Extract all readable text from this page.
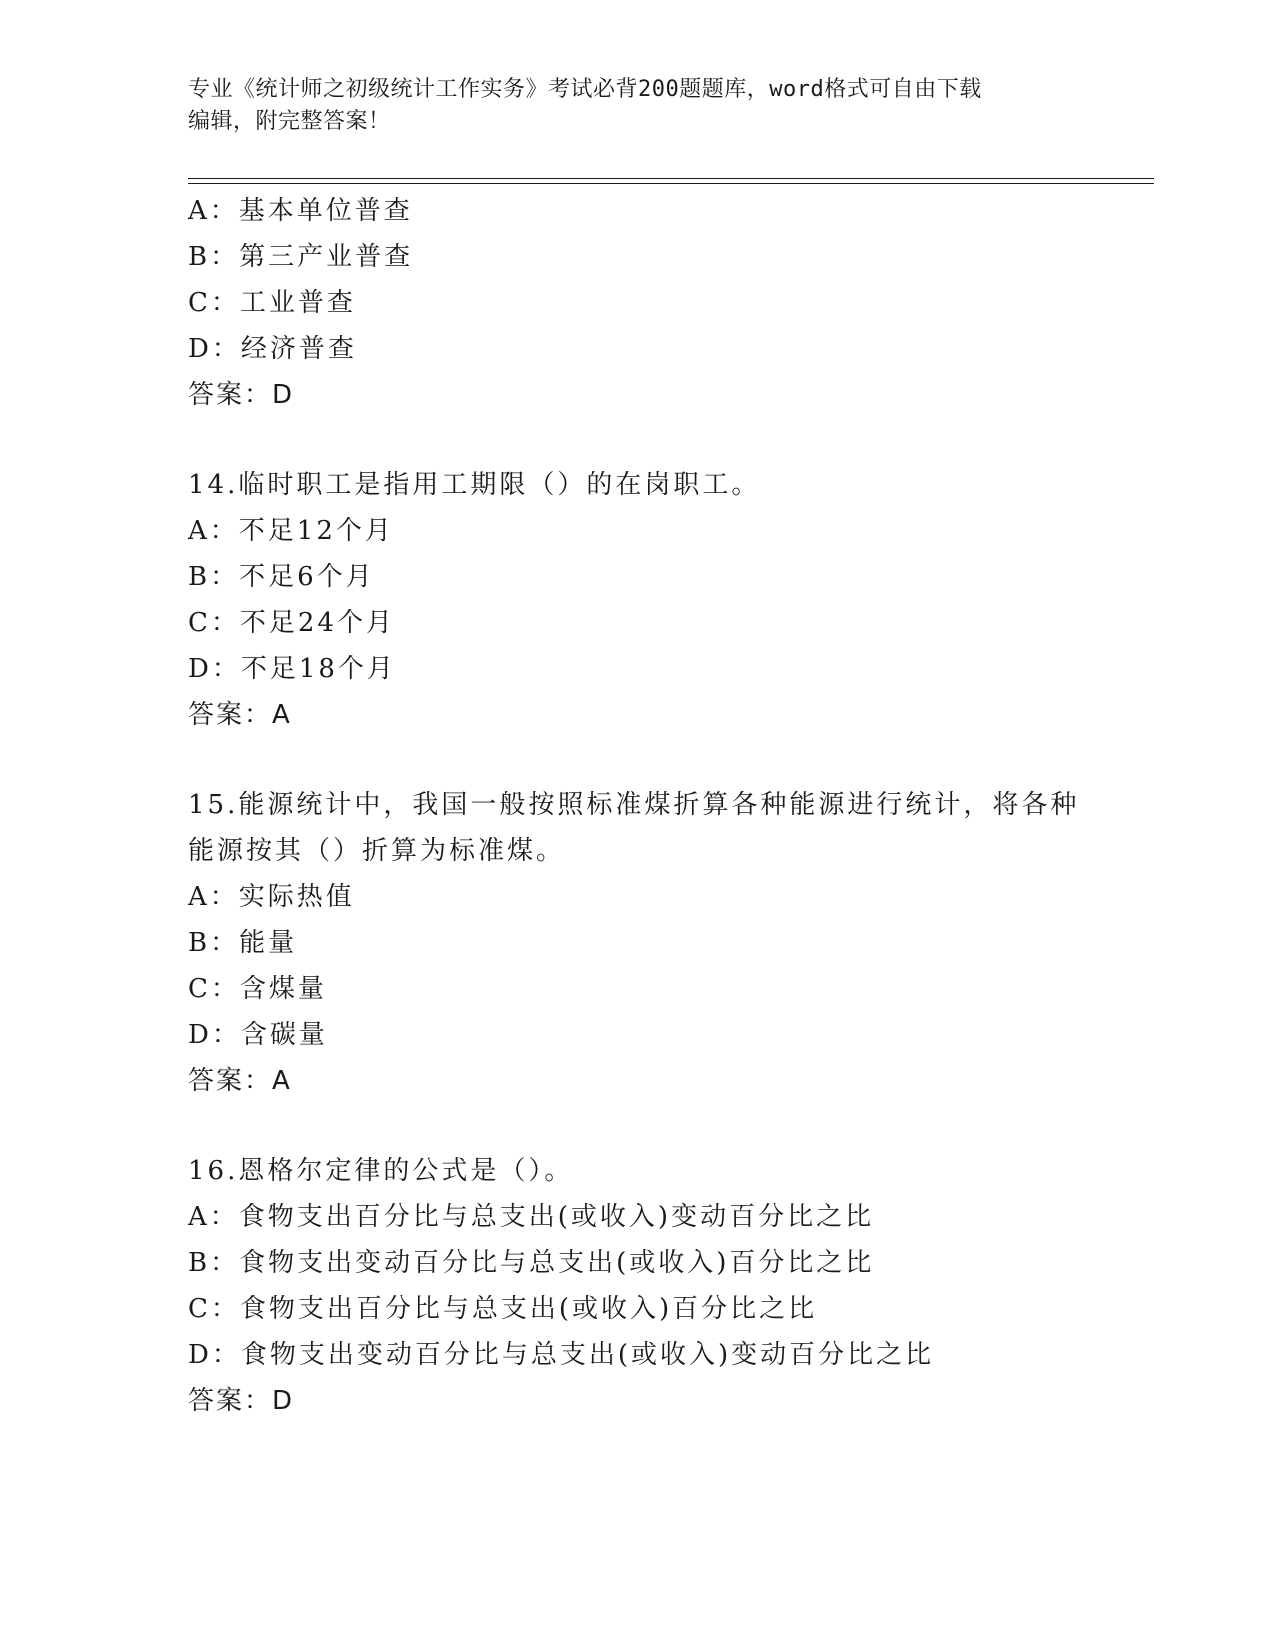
专业《统计师之初级统计工作实务》考试必背200题题库，word格式可自由下载
编辑，附完整答案！
A：基本单位普查
B：第三产业普查
C：工业普查
D：经济普查
答案：D
14.临时职工是指用工期限（）的在岗职工。
A：不足12个月
B：不足6个月
C：不足24个月
D：不足18个月
答案：A
15.能源统计中，我国一般按照标准煤折算各种能源进行统计，将各种
能源按其（）折算为标准煤。
A：实际热值
B：能量
C：含煤量
D：含碳量
答案：A
16.恩格尔定律的公式是（）。
A：食物支出百分比与总支出(或收入)变动百分比之比
B：食物支出变动百分比与总支出(或收入)百分比之比
C：食物支出百分比与总支出(或收入)百分比之比
D：食物支出变动百分比与总支出(或收入)变动百分比之比
答案：D
